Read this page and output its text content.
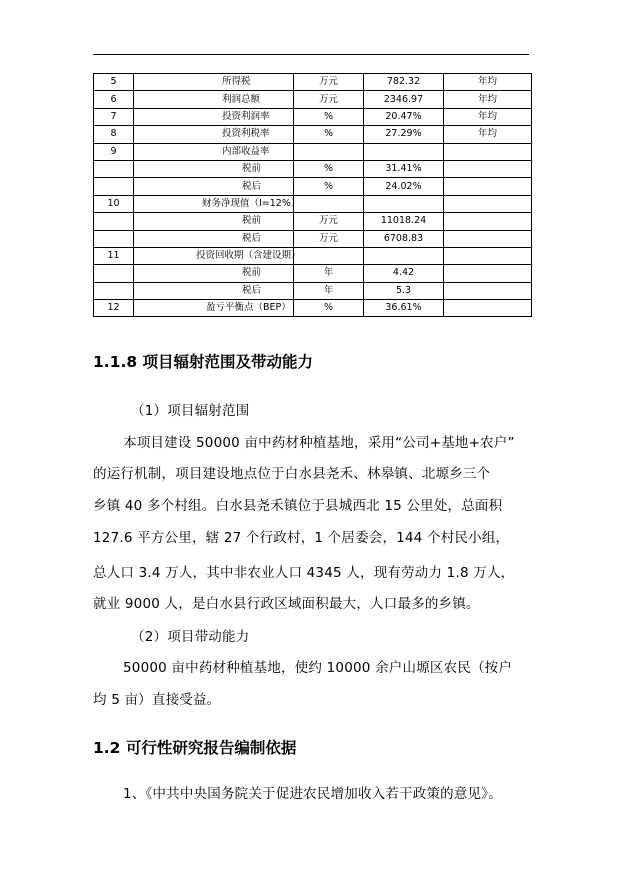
5	所得税	万元	782.32	年均
6	利润总额	万元	2346.97	年均
7	投资利润率	%	20.47%	年均
8	投资利税率	%	27.29%	年均
9	内部收益率			
	税前	%	31.41%	
	税后	%	24.02%	
10	财务净现值（I=12%）			
	税前	万元	11018.24	
	税后	万元	6708.83	
11	投资回收期（含建设期）			
	税前	年	4.42	
	税后	年	5.3	
12	盈亏平衡点（BEP）	%	36.61%	
1.1.8 项目辐射范围及带动能力
（1）项目辐射范围
本项目建设 50000 亩中药材种植基地，采用“公司+基地+农户”
的运行机制，项目建设地点位于白水县尧禾、林皋镇、北塬乡三个
乡镇 40 多个村组。白水县尧禾镇位于县城西北 15 公里处，总面积
127.6 平方公里，辖 27 个行政村，1 个居委会，144 个村民小组，
总人口 3.4 万人，其中非农业人口 4345 人，现有劳动力 1.8 万人，
就业 9000 人，是白水县行政区域面积最大，人口最多的乡镇。
（2）项目带动能力
50000 亩中药材种植基地，使约 10000 余户山塬区农民（按户
均 5 亩）直接受益。
1.2 可行性研究报告编制依据
1、《中共中央国务院关于促进农民增加收入若干政策的意见》。
